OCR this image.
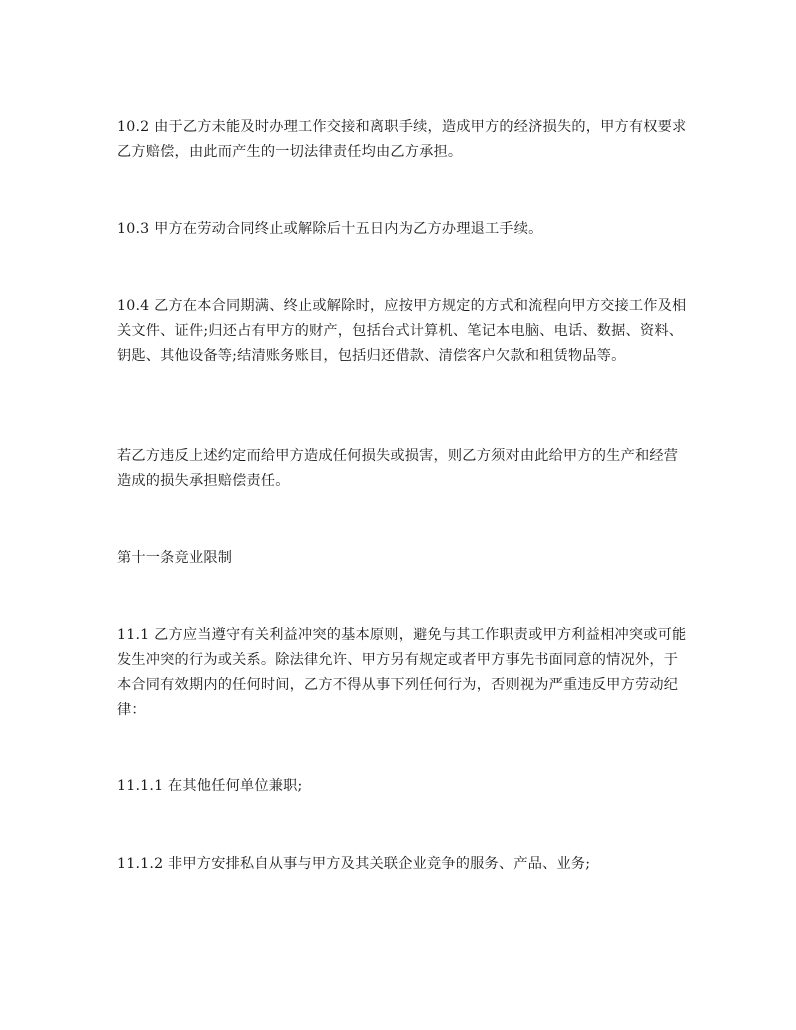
10.2 由于乙方未能及时办理工作交接和离职手续，造成甲方的经济损失的，甲方有权要求乙方赔偿，由此而产生的一切法律责任均由乙方承担。

10.3 甲方在劳动合同终止或解除后十五日内为乙方办理退工手续。

10.4 乙方在本合同期满、终止或解除时，应按甲方规定的方式和流程向甲方交接工作及相关文件、证件;归还占有甲方的财产，包括台式计算机、笔记本电脑、电话、数据、资料、钥匙、其他设备等;结清账务账目，包括归还借款、清偿客户欠款和租赁物品等。

若乙方违反上述约定而给甲方造成任何损失或损害，则乙方须对由此给甲方的生产和经营造成的损失承担赔偿责任。

第十一条竞业限制

11.1 乙方应当遵守有关利益冲突的基本原则，避免与其工作职责或甲方利益相冲突或可能发生冲突的行为或关系。除法律允许、甲方另有规定或者甲方事先书面同意的情况外，于本合同有效期内的任何时间，乙方不得从事下列任何行为，否则视为严重违反甲方劳动纪律：

11.1.1 在其他任何单位兼职;

11.1.2 非甲方安排私自从事与甲方及其关联企业竞争的服务、产品、业务;
